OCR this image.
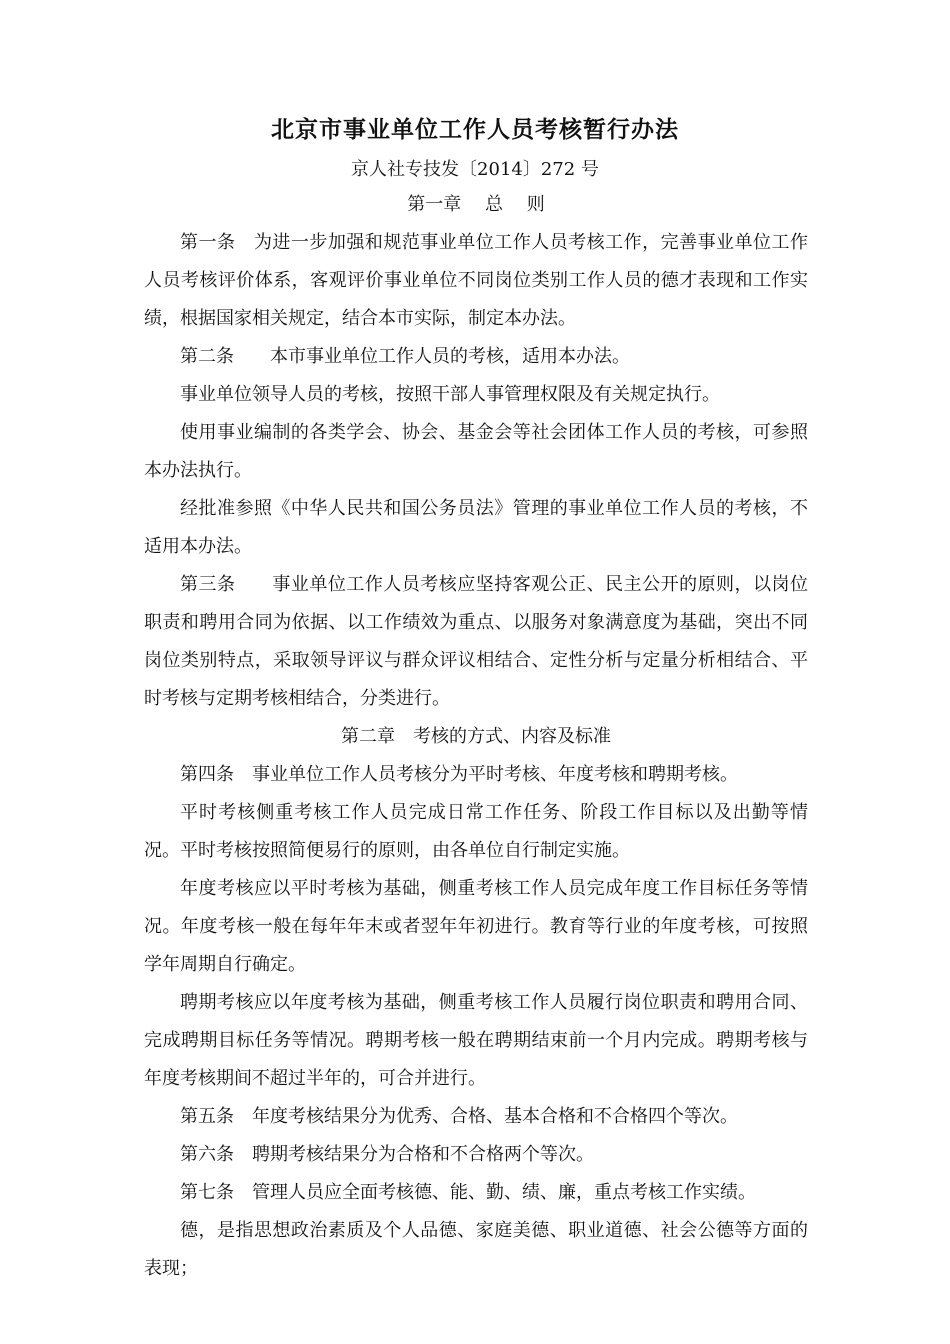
北京市事业单位工作人员考核暂行办法
京人社专技发〔2014〕272 号

第一章　 总　 则

第一条　为进一步加强和规范事业单位工作人员考核工作，完善事业单位工作人员考核评价体系，客观评价事业单位不同岗位类别工作人员的德才表现和工作实绩，根据国家相关规定，结合本市实际，制定本办法。

第二条　　本市事业单位工作人员的考核，适用本办法。

事业单位领导人员的考核，按照干部人事管理权限及有关规定执行。

使用事业编制的各类学会、协会、基金会等社会团体工作人员的考核，可参照本办法执行。

经批准参照《中华人民共和国公务员法》管理的事业单位工作人员的考核，不适用本办法。

第三条　　事业单位工作人员考核应坚持客观公正、民主公开的原则，以岗位职责和聘用合同为依据、以工作绩效为重点、以服务对象满意度为基础，突出不同岗位类别特点，采取领导评议与群众评议相结合、定性分析与定量分析相结合、平时考核与定期考核相结合，分类进行。

第二章　考核的方式、内容及标准

第四条　事业单位工作人员考核分为平时考核、年度考核和聘期考核。

平时考核侧重考核工作人员完成日常工作任务、阶段工作目标以及出勤等情况。平时考核按照简便易行的原则，由各单位自行制定实施。

年度考核应以平时考核为基础，侧重考核工作人员完成年度工作目标任务等情况。年度考核一般在每年年末或者翌年年初进行。教育等行业的年度考核，可按照学年周期自行确定。

聘期考核应以年度考核为基础，侧重考核工作人员履行岗位职责和聘用合同、完成聘期目标任务等情况。聘期考核一般在聘期结束前一个月内完成。聘期考核与年度考核期间不超过半年的，可合并进行。

第五条　年度考核结果分为优秀、合格、基本合格和不合格四个等次。

第六条　聘期考核结果分为合格和不合格两个等次。

第七条　管理人员应全面考核德、能、勤、绩、廉，重点考核工作实绩。

德，是指思想政治素质及个人品德、家庭美德、职业道德、社会公德等方面的表现；
